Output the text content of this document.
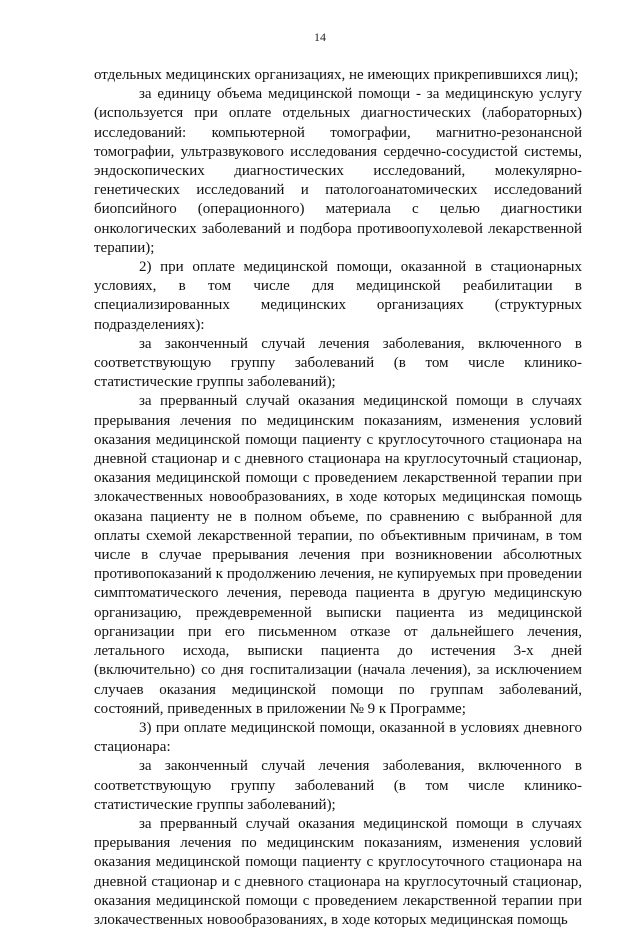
14

отдельных медицинских организациях, не имеющих прикрепившихся лиц);

за единицу объема медицинской помощи - за медицинскую услугу (используется при оплате отдельных диагностических (лабораторных) исследований: компьютерной томографии, магнитно-резонансной томографии, ультразвукового исследования сердечно-сосудистой системы, эндоскопических диагностических исследований, молекулярно-генетических исследований и патологоанатомических исследований биопсийного (операционного) материала с целью диагностики онкологических заболеваний и подбора противоопухолевой лекарственной терапии);

2) при оплате медицинской помощи, оказанной в стационарных условиях, в том числе для медицинской реабилитации в специализированных медицинских организациях (структурных подразделениях):

за законченный случай лечения заболевания, включенного в соответствующую группу заболеваний (в том числе клинико-статистические группы заболеваний);

за прерванный случай оказания медицинской помощи в случаях прерывания лечения по медицинским показаниям, изменения условий оказания медицинской помощи пациенту с круглосуточного стационара на дневной стационар и с дневного стационара на круглосуточный стационар, оказания медицинской помощи с проведением лекарственной терапии при злокачественных новообразованиях, в ходе которых медицинская помощь оказана пациенту не в полном объеме, по сравнению с выбранной для оплаты схемой лекарственной терапии, по объективным причинам, в том числе в случае прерывания лечения при возникновении абсолютных противопоказаний к продолжению лечения, не купируемых при проведении симптоматического лечения, перевода пациента в другую медицинскую организацию, преждевременной выписки пациента из медицинской организации при его письменном отказе от дальнейшего лечения, летального исхода, выписки пациента до истечения 3-х дней (включительно) со дня госпитализации (начала лечения), за исключением случаев оказания медицинской помощи по группам заболеваний, состояний, приведенных в приложении № 9 к Программе;

3) при оплате медицинской помощи, оказанной в условиях дневного стационара:

за законченный случай лечения заболевания, включенного в соответствующую группу заболеваний (в том числе клинико-статистические группы заболеваний);

за прерванный случай оказания медицинской помощи в случаях прерывания лечения по медицинским показаниям, изменения условий оказания медицинской помощи пациенту с круглосуточного стационара на дневной стационар и с дневного стационара на круглосуточный стационар, оказания медицинской помощи с проведением лекарственной терапии при злокачественных новообразованиях, в ходе которых медицинская помощь
